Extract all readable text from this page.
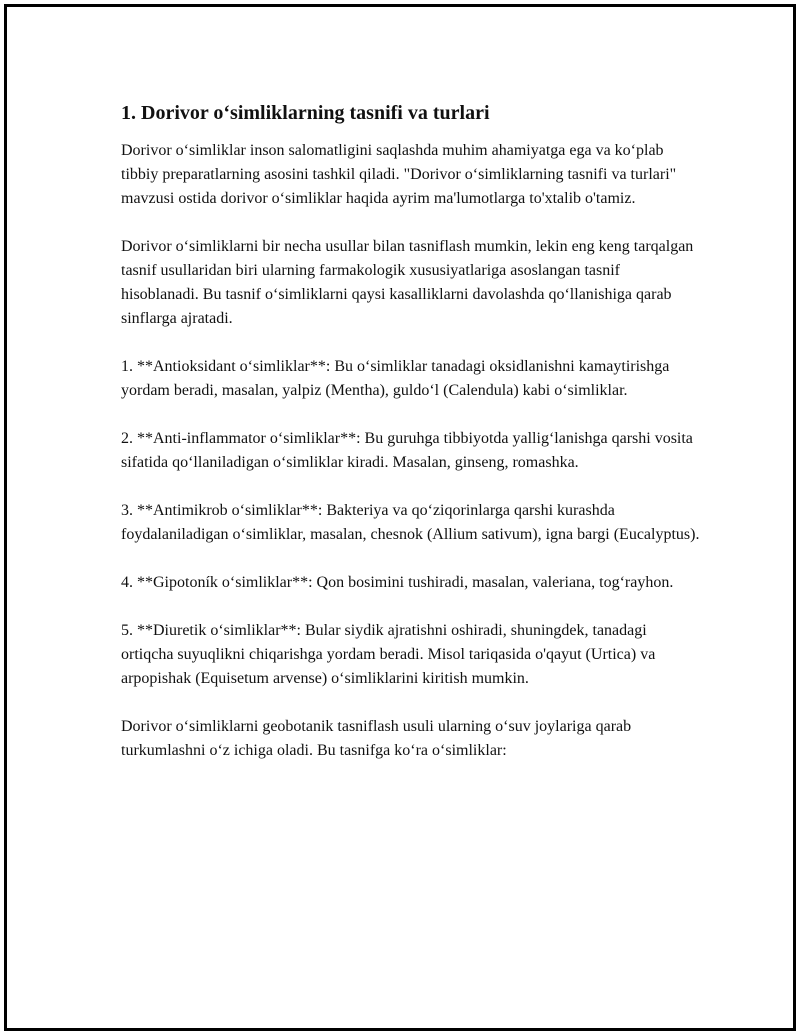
1. Dorivor o‘simliklarning tasnifi va turlari

Dorivor o‘simliklar inson salomatligini saqlashda muhim ahamiyatga ega va ko‘plab tibbiy preparatlarning asosini tashkil qiladi. "Dorivor o‘simliklarning tasnifi va turlari" mavzusi ostida dorivor o‘simliklar haqida ayrim ma'lumotlarga to'xtalib o'tamiz.

Dorivor o‘simliklarni bir necha usullar bilan tasniflash mumkin, lekin eng keng tarqalgan tasnif usullaridan biri ularning farmakologik xususiyatlariga asoslangan tasnif hisoblanadi. Bu tasnif o‘simliklarni qaysi kasalliklarni davolashda qo‘llanishiga qarab sinflarga ajratadi.

1. **Antioksidant o‘simliklar**: Bu o‘simliklar tanadagi oksidlanishni kamaytirishga yordam beradi, masalan, yalpiz (Mentha), guldo‘l (Calendula) kabi o‘simliklar.

2. **Anti-inflammator o‘simliklar**: Bu guruhga tibbiyotda yallig‘lanishga qarshi vosita sifatida qo‘llaniladigan o‘simliklar kiradi. Masalan, ginseng, romashka.

3. **Antimikrob o‘simliklar**: Bakteriya va qo‘ziqorinlarga qarshi kurashda foydalaniladigan o‘simliklar, masalan, chesnok (Allium sativum), igna bargi (Eucalyptus).

4. **Gipotoník o‘simliklar**: Qon bosimini tushiradi, masalan, valeriana, tog‘rayhon.

5. **Diuretik o‘simliklar**: Bular siydik ajratishni oshiradi, shuningdek, tanadagi ortiqcha suyuqlikni chiqarishga yordam beradi. Misol tariqasida o'qayut (Urtica) va arpopishak (Equisetum arvense) o‘simliklarini kiritish mumkin.

Dorivor o‘simliklarni geobotanik tasniflash usuli ularning o‘suv joylariga qarab turkumlashni o‘z ichiga oladi. Bu tasnifga ko‘ra o‘simliklar:
